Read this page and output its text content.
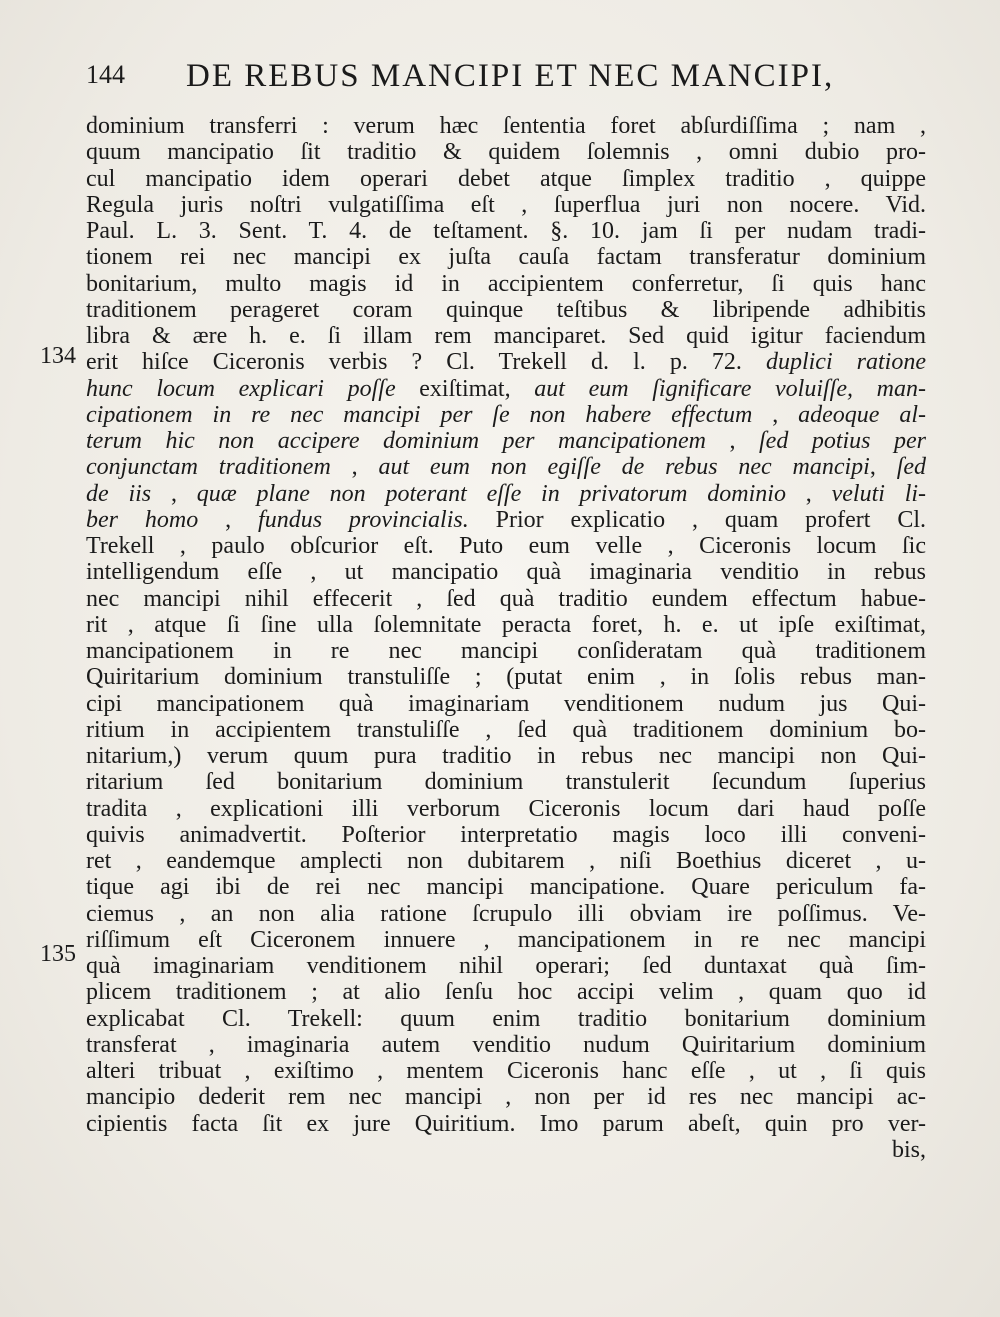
144 DE REBUS MANCIPI ET NEC MANCIPI,
134
135
dominium transferri : verum hæc ſententia foret abſurdiſſima ; nam ,
quum mancipatio ſit traditio & quidem ſolemnis , omni dubio pro-
cul mancipatio idem operari debet atque ſimplex traditio , quippe
Regula juris noſtri vulgatiſſima eſt , ſuperflua juri non nocere. Vid.
Paul. L. 3. Sent. T. 4. de teſtament. §. 10. jam ſi per nudam tradi-
tionem rei nec mancipi ex juſta cauſa factam transferatur dominium
bonitarium, multo magis id in accipientem conferretur, ſi quis hanc
traditionem perageret coram quinque teſtibus & libripende adhibitis
libra & ære h. e. ſi illam rem manciparet. Sed quid igitur faciendum
erit hiſce Ciceronis verbis ? Cl. Trekell d. l. p. 72. duplici ratione
hunc locum explicari poſſe exiſtimat, aut eum ſignificare voluiſſe, man-
cipationem in re nec mancipi per ſe non habere effectum , adeoque al-
terum hic non accipere dominium per mancipationem , ſed potius per
conjunctam traditionem , aut eum non egiſſe de rebus nec mancipi, ſed
de iis , quæ plane non poterant eſſe in privatorum dominio , veluti li-
ber homo , fundus provincialis. Prior explicatio , quam profert Cl.
Trekell , paulo obſcurior eſt. Puto eum velle , Ciceronis locum ſic
intelligendum eſſe , ut mancipatio quà imaginaria venditio in rebus
nec mancipi nihil effecerit , ſed quà traditio eundem effectum habue-
rit , atque ſi ſine ulla ſolemnitate peracta foret, h. e. ut ipſe exiſtimat,
mancipationem in re nec mancipi conſideratam quà traditionem
Quiritarium dominium transtuliſſe ; (putat enim , in ſolis rebus man-
cipi mancipationem quà imaginariam venditionem nudum jus Qui-
ritium in accipientem transtuliſſe , ſed quà traditionem dominium bo-
nitarium,) verum quum pura traditio in rebus nec mancipi non Qui-
ritarium ſed bonitarium dominium transtulerit ſecundum ſuperius
tradita , explicationi illi verborum Ciceronis locum dari haud poſſe
quivis animadvertit. Poſterior interpretatio magis loco illi conveni-
ret , eandemque amplecti non dubitarem , niſi Boethius diceret , u-
tique agi ibi de rei nec mancipi mancipatione. Quare periculum fa-
ciemus , an non alia ratione ſcrupulo illi obviam ire poſſimus. Ve-
riſſimum eſt Ciceronem innuere , mancipationem in re nec mancipi
quà imaginariam venditionem nihil operari; ſed duntaxat quà ſim-
plicem traditionem ; at alio ſenſu hoc accipi velim , quam quo id
explicabat Cl. Trekell: quum enim traditio bonitarium dominium
transferat , imaginaria autem venditio nudum Quiritarium dominium
alteri tribuat , exiſtimo , mentem Ciceronis hanc eſſe , ut , ſi quis
mancipio dederit rem nec mancipi , non per id res nec mancipi ac-
cipientis facta ſit ex jure Quiritium. Imo parum abeſt, quin pro ver-
bis,
